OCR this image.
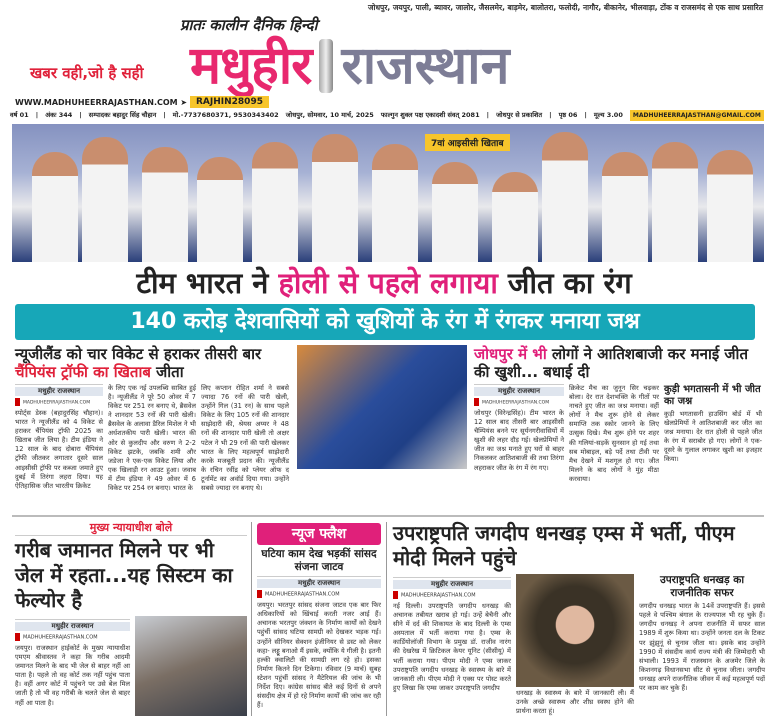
जोधपुर, जयपुर, पाली, ब्यावर, जालोर, जैसलमेर, बाड़मेर, बालोतरा, फलोदी, नागौर, बीकानेर, भीलवाड़ा, टोंक व राजसमंद से एक साथ प्रसारित
प्रातः कालीन दैनिक हिन्दी
मधुहीर राजस्थान
खबर वही,जो है सही
WWW.MADHUHEERRAJASTHAN.COM ➤ RAJHIN28095
वर्ष 01 | अंकः 344 | सम्पादकः बहादुर सिंह चौहान | मो.-7737680371, 9530343402 जोधपुर, सोमवार, 10 मार्च, 2025 फाल्गुन शुक्ल पक्ष एकादशी संवत् 2081 | जोधपुर से प्रकाशित | पृष्ठ 06 | मूल्य 3.00	MADHUHEERRAJASTHAN@GMAIL.COM
7वां आइसीसी खिताब
टीम भारत ने होली से पहले लगाया जीत का रंग
140 करोड़ देशवासियों को खुशियों के रंग में रंगकर मनाया जश्न
न्यूजीलैंड को चार विकेट से हराकर तीसरी बार चैंपियंस ट्रॉफी का खिताब जीता
मधुहीर राजस्थान
MADHUHEERRAJASTHAN.COM
स्पोर्ट्स डेस्क (बहादुरसिंह चौहान)। भारत ने न्यूजीलैंड को 4 विकेट से हराकर चैंपियंस ट्रॉफी 2025 का खिताब जीत लिया है। टीम इंडिया ने 12 साल के बाद दोबारा चैंपियंस ट्रॉफी जीतकर लगातार दूसरे साल आइसीसी ट्रॉफी पर कब्जा जमाते हुए दुबई में तिरंगा लहरा दिया। यह ऐतिहासिक जीत भारतीय क्रिकेट
के लिए एक नई उपलब्धि साबित हुई है। न्यूजीलैंड ने पूरे 50 ओवर में 7 विकेट पर 251 रन बनाए थे, ब्रैसवेल ने शानदार 53 रनों की पारी खेली। ब्रैसवेल के अलावा डैरिल मिशेल ने भी अर्धशतकीय पारी खेली। भारत की ओर से कुलदीप और वरुण ने 2-2 विकेट झटके, जबकि शमी और जडेजा ने एक-एक विकेट लिया और एक खिलाड़ी रन आउट हुआ। जवाब में टीम इंडिया ने 49 ओवर में 6 विकेट पर 254 रन बनाए। भारत के
लिए कप्तान रोहित शर्मा ने सबसे ज्यादा 76 रनों की पारी खेली, उन्होंने गिल (31 रन) के साथ पहले विकेट के लिए 105 रनों की शानदार साझेदारी की, श्रेयस अय्यर ने 48 रनों की शानदार पारी खेली तो अक्षर पटेल ने भी 29 रनों की पारी खेलकर भारत के लिए महत्वपूर्ण साझेदारी करके मजबूती प्रदान की। न्यूजीलैंड के रचिन रवींद्र को प्लेयर ऑफ द टूर्नामेंट का अवॉर्ड दिया गया। उन्होंने सबसे ज्यादा रन बनाए थे।
जोधपुर में भी लोगों ने आतिशबाजी कर मनाई जीत की खुशी... बधाई दी
मधुहीर राजस्थान
MADHUHEERRAJASTHAN.COM
जोधपुर (विरेन्द्रसिंह)। टीम भारत के 12 साल बाद तीसरी बार आइसीसी चैम्पियंस बनने पर सूर्यनगरीवासियों में खुशी की लहर दौड़ गई। खेलप्रेमियों ने जीत का जश्न मनाते हुए घरों से बाहर निकलकर आतिशबाजी की तथा तिरंगा लहराकर जीत के रंग में रंग गए।
क्रिकेट मैच का जुनून सिर चढ़कर बोला। देर रात देशभक्ति के गीतों पर नाचते हुए जीत का जश्न मनाया। वहीं लोगों ने मैच शुरू होने से लेकर समाप्ति तक स्कोर जानने के लिए उत्सुक दिखे। मैच शुरू होने पर शहर की गलियां-सड़कें सुनसान हो गई तथा सब मोबाइल, बड़े पर्दे तथा टीवी पर मैच देखने में मशगूल हो गए। जीत मिलने के बाद लोगों ने मुंह मीठा करवाया।
कुड़ी भगतासनी में भी जीत का जश्न
कुड़ी भगतासनी हाउसिंग बोर्ड में भी खेलप्रेमियों ने आतिशबाजी कर जीत का जश्न मनाया। देर रात होली से पहले जीत के रंग में सराबोर हो गए। लोगों ने एक-दूसरे के गुलाल लगाकर खुशी का इजहार किया।
मुख्य न्यायाधीश बोले
गरीब जमानत मिलने पर भी जेल में रहता...यह सिस्टम का फेल्योर है
मधुहीर राजस्थान
MADHUHEERRAJASTHAN.COM
जयपुर। राजस्थान हाईकोर्ट के मुख्य न्यायाधीश एमएम श्रीवास्तव ने कहा कि गरीब आदमी जमानत मिलने के बाद भी जेल से बाहर नहीं आ पाता है। पहले तो वह कोर्ट तक नहीं पहुंच पाता है। वहीं अगर कोर्ट में पहुंचने पर उसे बेल मिल जाती है तो भी वह गरीबी के चलते जेल से बाहर नहीं आ पाता है।
न्यूज फ्लैश
घटिया काम देख भड़कीं सांसद संजना जाटव
मधुहीर राजस्थान
MADHUHEERRAJASTHAN.COM
जयपुर। भरतपुर सांसद संजना जाटव एक बार फिर अधिकारियों को खिंचाई करती नजर आई हैं। अचानक भरतपुर जंक्शन के निर्माण कार्यों को देखने पहुंचीं सांसद घटिया सामग्री को देखकर भड़क गई। उन्होंने सीनियर सेक्शन इंजीनियर से डस्ट को लेकर कहा- लड्डू बनाओ मैं इसके, क्योंकि ये गीली है। इतनी हल्की क्वालिटी की सामग्री लग रहे हो। इसका निर्माण कितने दिन टिकेगा। रविवार (9 मार्च) सुबह स्टेशन पहुंचीं सांसद ने मैटेरियल की जांच के भी निर्देश दिए। कांग्रेस सांसद बीते कई दिनों से अपने संसदीय क्षेत्र में हो रहे निर्माण कार्यों की जांच कर रही हैं।
उपराष्ट्रपति जगदीप धनखड़ एम्स में भर्ती, पीएम मोदी मिलने पहुंचे
मधुहीर राजस्थान
MADHUHEERRAJASTHAN.COM
नई दिल्ली। उपराष्ट्रपति जगदीप धनखड़ की अचानक तबीयत खराब हो गई। उन्हें बेचैनी और सीने में दर्द की शिकायत के बाद दिल्ली के एम्स अस्पताल में भर्ती कराया गया है। एम्स के कार्डियोलॉजी विभाग के प्रमुख डॉ. राजीव नारंग की देखरेख में क्रिटिकल केयर यूनिट (सीसीयू) में भर्ती कराया गया। पीएम मोदी ने एम्स जाकर उपराष्ट्रपति जगदीप धनखड़ के स्वास्थ्य के बारे में जानकारी ली। पीएम मोदी ने एक्स पर पोस्ट करते हुए लिखा कि एम्स जाकर उपराष्ट्रपति जगदीप
धनखड़ के स्वास्थ्य के बारे में जानकारी ली। मैं उनके अच्छे स्वास्थ्य और शीघ्र स्वस्थ होने की प्रार्थना करता हूं।
उपराष्ट्रपति धनखड़ का राजनीतिक सफर
जगदीप धनखड़ भारत के 14वें उपराष्ट्रपति हैं। इससे पहले वे पश्चिम बंगाल के राज्यपाल भी रह चुके हैं। जगदीप धनखड़ ने अपना राजनीति में सफर साल 1989 में शुरू किया था। उन्होंने जनता दल के टिकट पर झुंझुनूं से चुनाव जीता था। इसके बाद उन्होंने 1990 में संसदीय कार्य राज्य मंत्री की जिम्मेदारी भी संभाली। 1993 में राजस्थान के अजमेर जिले के किशनगढ़ विधानसभा सीट से चुनाव जीता। जगदीप धनखड़ अपने राजनीतिक जीवन में कई महत्वपूर्ण पदों पर काम कर चुके हैं।
